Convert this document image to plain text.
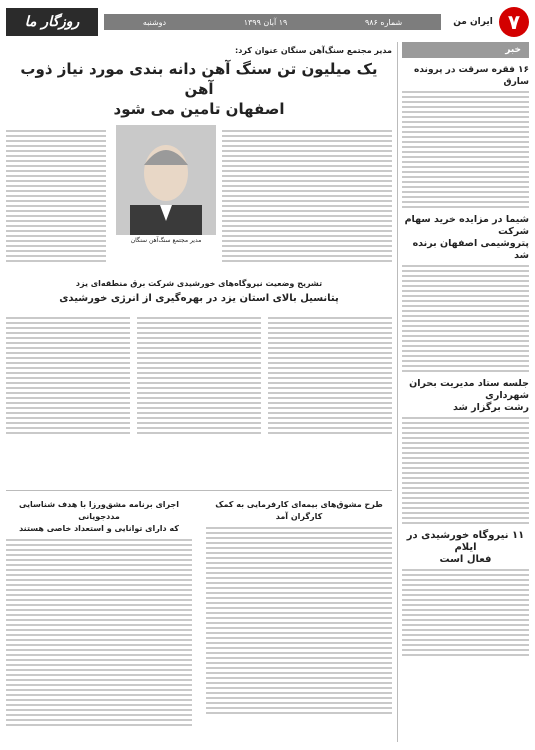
۷
ایران من
شماره ۹۸۶
۱۹ آبان ۱۳۹۹
دوشنبه
روزگار ما
خبر
۱۶ فقره سرقت در پرونده سارق
شیما در مزایده خرید سهام شرکت
پتروشیمی اصفهان برنده شد
جلسه ستاد مدیریت بحران شهرداری
رشت برگزار شد
۱۱ نیروگاه خورشیدی در ایلام
فعال است
مدیر مجتمع سنگ‌آهن سنگان عنوان کرد:
یک میلیون تن سنگ آهن دانه بندی مورد نیاز ذوب آهن
اصفهان تامین می شود
مدیر مجتمع سنگ‌آهن سنگان
تشریح وضعیت نیروگاه‌های خورشیدی شرکت برق منطقه‌ای یزد
پتانسیل بالای استان یزد در بهره‌گیری از انرژی خورشیدی
طرح مشوق‌های بیمه‌ای کارفرمایی به کمک
کارگران آمد
اجرای برنامه مشق‌ورزا با هدف شناسایی مددجویانی
که دارای توانایی و استعداد خاصی هستند
